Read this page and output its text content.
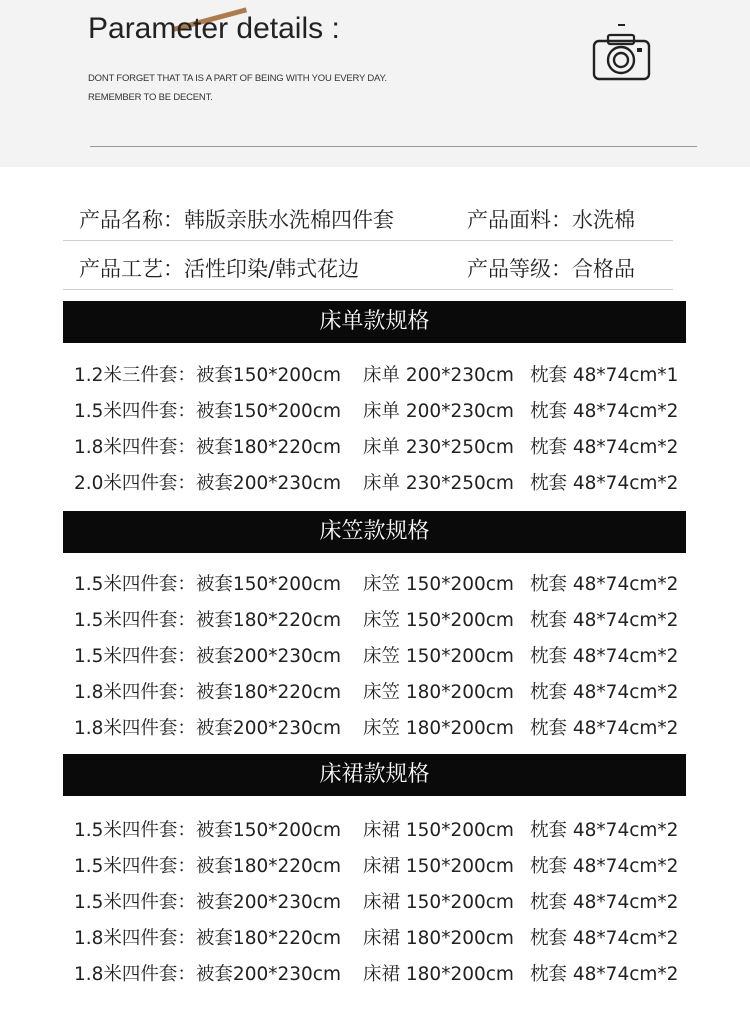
Parameter details :
DONT FORGET THAT TA IS A PART OF BEING WITH YOU EVERY DAY.
REMEMBER TO BE DECENT.
产品名称：韩版亲肤水洗棉四件套	产品面料：水洗棉
产品工艺：活性印染/韩式花边	产品等级：合格品
床单款规格
1.2米三件套：被套150*200cm 床单 200*230cm 枕套 48*74cm*1
1.5米四件套：被套150*200cm 床单 200*230cm 枕套 48*74cm*2
1.8米四件套：被套180*220cm 床单 230*250cm 枕套 48*74cm*2
2.0米四件套：被套200*230cm 床单 230*250cm 枕套 48*74cm*2
床笠款规格
1.5米四件套：被套150*200cm 床笠 150*200cm 枕套 48*74cm*2
1.5米四件套：被套180*220cm 床笠 150*200cm 枕套 48*74cm*2
1.5米四件套：被套200*230cm 床笠 150*200cm 枕套 48*74cm*2
1.8米四件套：被套180*220cm 床笠 180*200cm 枕套 48*74cm*2
1.8米四件套：被套200*230cm 床笠 180*200cm 枕套 48*74cm*2
床裙款规格
1.5米四件套：被套150*200cm 床裙 150*200cm 枕套 48*74cm*2
1.5米四件套：被套180*220cm 床裙 150*200cm 枕套 48*74cm*2
1.5米四件套：被套200*230cm 床裙 150*200cm 枕套 48*74cm*2
1.8米四件套：被套180*220cm 床裙 180*200cm 枕套 48*74cm*2
1.8米四件套：被套200*230cm 床裙 180*200cm 枕套 48*74cm*2
